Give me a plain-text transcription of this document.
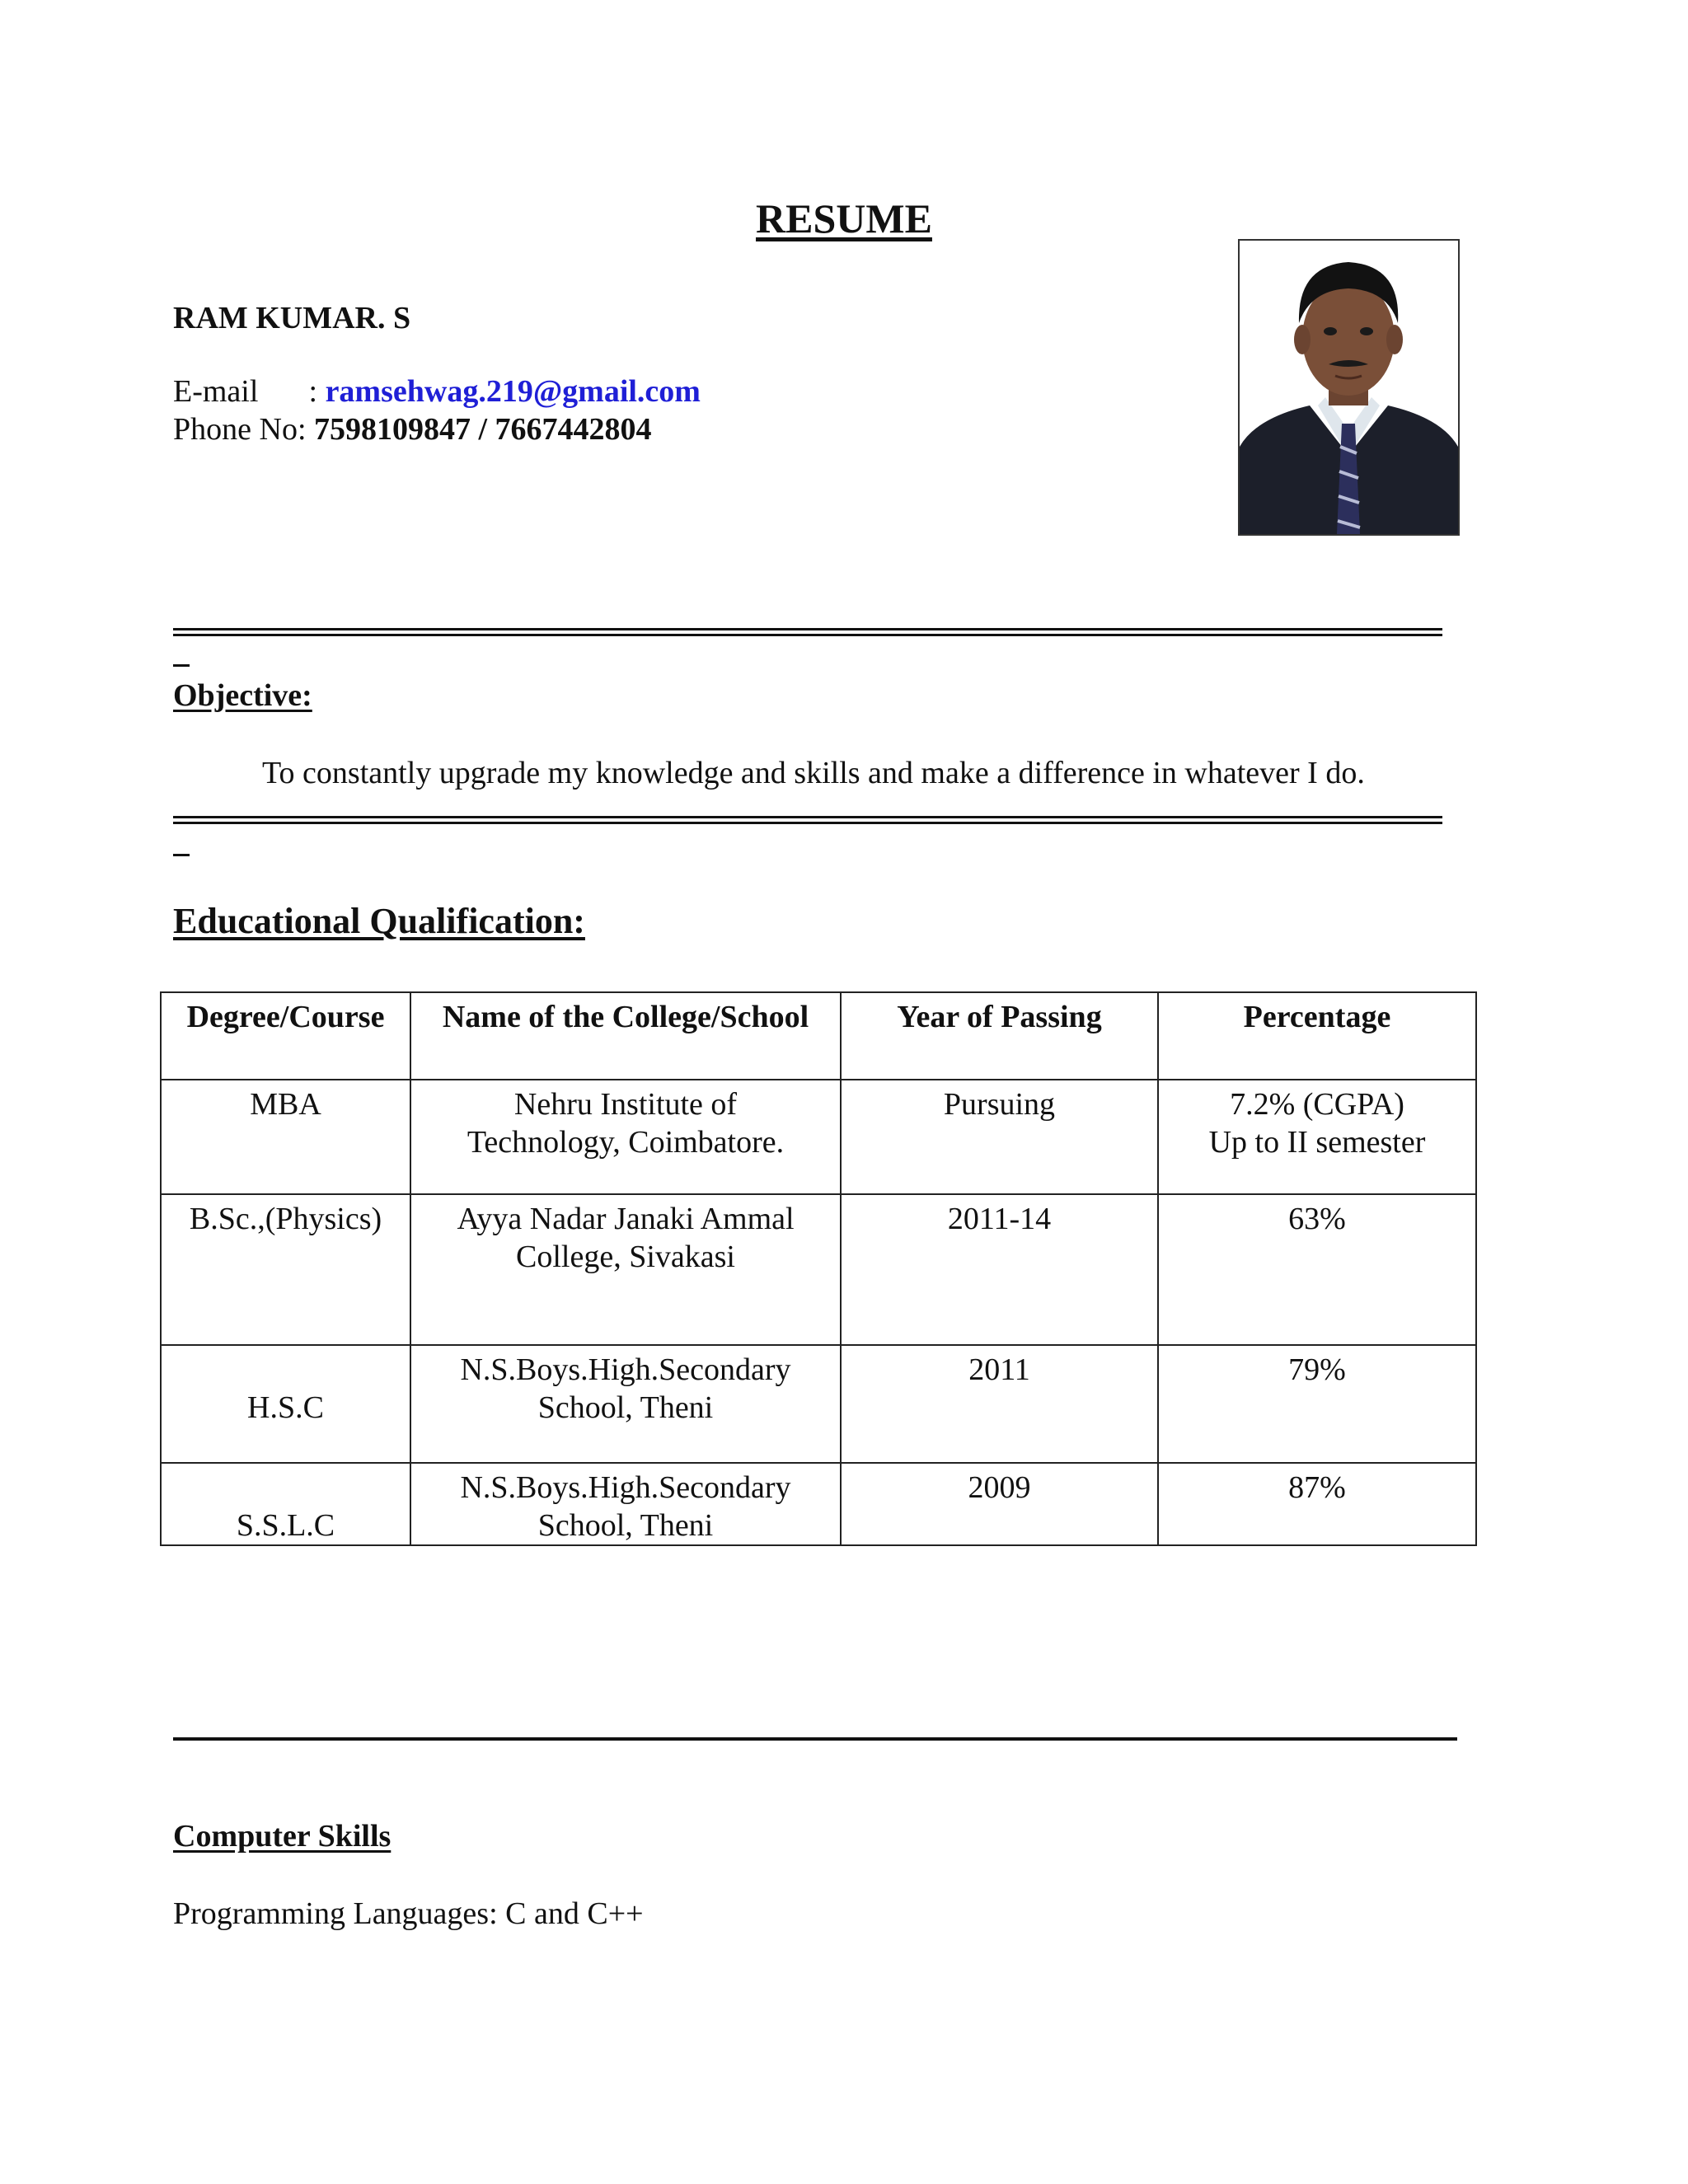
RESUME
RAM KUMAR. S
E-mail : ramsehwag.219@gmail.com
Phone No: 7598109847 / 7667442804
Objective:
To constantly upgrade my knowledge and skills and make a difference in whatever I do.
Educational Qualification:
Degree/Course	Name of the College/School	Year of Passing	Percentage
MBA	Nehru Institute of Technology, Coimbatore.	Pursuing	7.2% (CGPA)
Up to II semester

B.Sc.,(Physics)	Ayya Nadar Janaki Ammal College, Sivakasi	2011-14	63%
H.S.C	N.S.Boys.High.Secondary School, Theni	2011	79%
S.S.L.C	N.S.Boys.High.Secondary School, Theni	2009	87%
Computer Skills
Programming Languages: C and C++
